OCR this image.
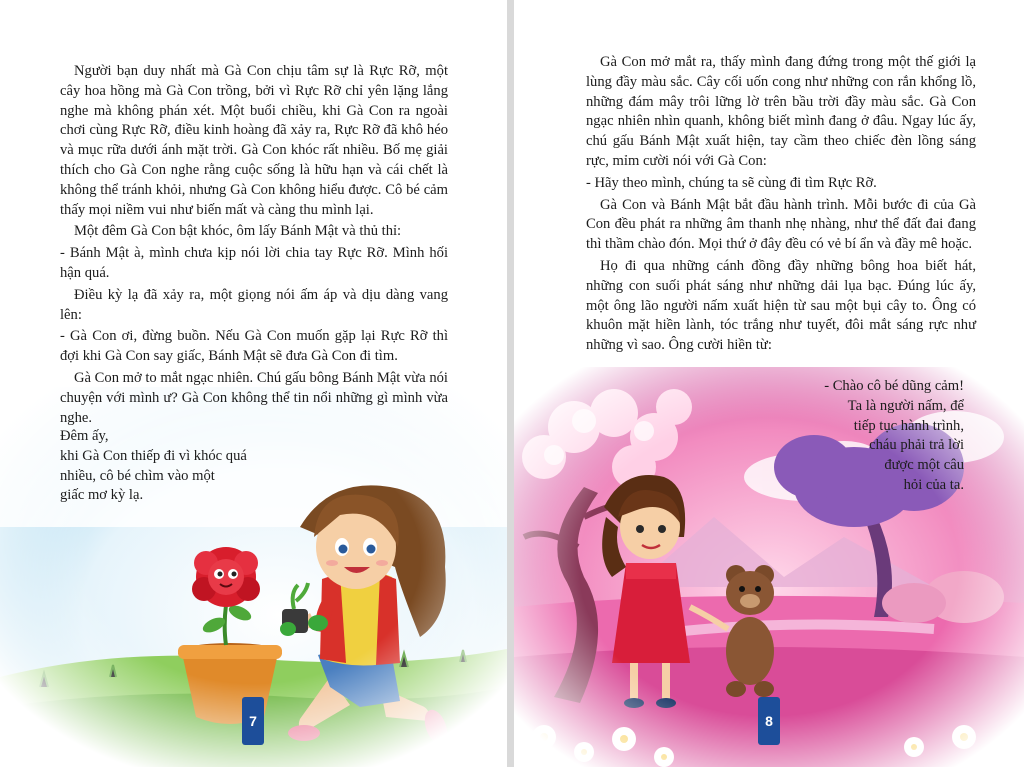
Người bạn duy nhất mà Gà Con chịu tâm sự là Rực Rỡ, một cây hoa hồng mà Gà Con trồng, bởi vì Rực Rỡ chỉ yên lặng lắng nghe mà không phán xét. Một buổi chiều, khi Gà Con ra ngoài chơi cùng Rực Rỡ, điều kinh hoàng đã xảy ra, Rực Rỡ đã khô héo và mục rữa dưới ánh mặt trời. Gà Con khóc rất nhiều. Bố mẹ giải thích cho Gà Con nghe rằng cuộc sống là hữu hạn và cái chết là không thể tránh khỏi, nhưng Gà Con không hiểu được. Cô bé cảm thấy mọi niềm vui như biến mất và càng thu mình lại.

Một đêm Gà Con bật khóc, ôm lấy Bánh Mật và thủ thỉ:

- Bánh Mật à, mình chưa kịp nói lời chia tay Rực Rỡ. Mình hối hận quá.

Điều kỳ lạ đã xảy ra, một giọng nói ấm áp và dịu dàng vang lên:

- Gà Con ơi, đừng buồn. Nếu Gà Con muốn gặp lại Rực Rỡ thì đợi khi Gà Con say giấc, Bánh Mật sẽ đưa Gà Con đi tìm.

Gà Con mở to mắt ngạc nhiên. Chú gấu bông Bánh Mật vừa nói chuyện với mình ư? Gà Con không thể tin nổi những gì mình vừa nghe.

Đêm ấy,

khi Gà Con thiếp đi vì khóc quá

nhiều, cô bé chìm vào một

giấc mơ kỳ lạ.

7

Gà Con mở mắt ra, thấy mình đang đứng trong một thế giới lạ lùng đầy màu sắc. Cây cối uốn cong như những con rắn khổng lồ, những đám mây trôi lững lờ trên bầu trời đầy màu sắc. Gà Con ngạc nhiên nhìn quanh, không biết mình đang ở đâu. Ngay lúc ấy, chú gấu Bánh Mật xuất hiện, tay cầm theo chiếc đèn lồng sáng rực, mỉm cười nói với Gà Con:

- Hãy theo mình, chúng ta sẽ cùng đi tìm Rực Rỡ.

Gà Con và Bánh Mật bắt đầu hành trình. Mỗi bước đi của Gà Con đều phát ra những âm thanh nhẹ nhàng, như thể đất đai đang thì thầm chào đón. Mọi thứ ở đây đều có vẻ bí ẩn và đầy mê hoặc.

Họ đi qua những cánh đồng đầy những bông hoa biết hát, những con suối phát sáng như những dải lụa bạc. Đúng lúc ấy, một ông lão người nấm xuất hiện từ sau một bụi cây to. Ông có khuôn mặt hiền lành, tóc trắng như tuyết, đôi mắt sáng rực như những vì sao. Ông cười hiền từ:

- Chào cô bé dũng cảm!

Ta là người nấm, để

tiếp tục hành trình,

cháu phải trả lời

được một câu

hỏi của ta.

8
